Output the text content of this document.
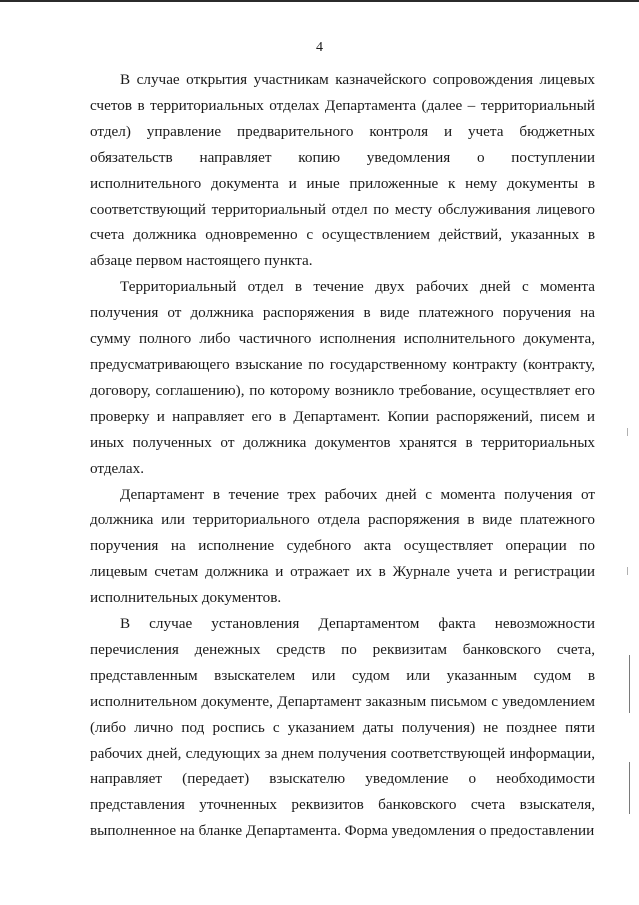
4

В случае открытия участникам казначейского сопровождения лицевых счетов в территориальных отделах Департамента (далее – территориальный отдел) управление предварительного контроля и учета бюджетных обязательств направляет копию уведомления о поступлении исполнительного документа и иные приложенные к нему документы в соответствующий территориальный отдел по месту обслуживания лицевого счета должника одновременно с осуществлением действий, указанных в абзаце первом настоящего пункта.

Территориальный отдел в течение двух рабочих дней с момента получения от должника распоряжения в виде платежного поручения на сумму полного либо частичного исполнения исполнительного документа, предусматривающего взыскание по государственному контракту (контракту, договору, соглашению), по которому возникло требование, осуществляет его проверку и направляет его в Департамент. Копии распоряжений, писем и иных полученных от должника документов хранятся в территориальных отделах.

Департамент в течение трех рабочих дней с момента получения от должника или территориального отдела распоряжения в виде платежного поручения на исполнение судебного акта осуществляет операции по лицевым счетам должника и отражает их в Журнале учета и регистрации исполнительных документов.

В случае установления Департаментом факта невозможности перечисления денежных средств по реквизитам банковского счета, представленным взыскателем или судом или указанным судом в исполнительном документе, Департамент заказным письмом с уведомлением (либо лично под роспись с указанием даты получения) не позднее пяти рабочих дней, следующих за днем получения соответствующей информации, направляет (передает) взыскателю уведомление о необходимости представления уточненных реквизитов банковского счета взыскателя, выполненное на бланке Департамента. Форма уведомления о предоставлении
